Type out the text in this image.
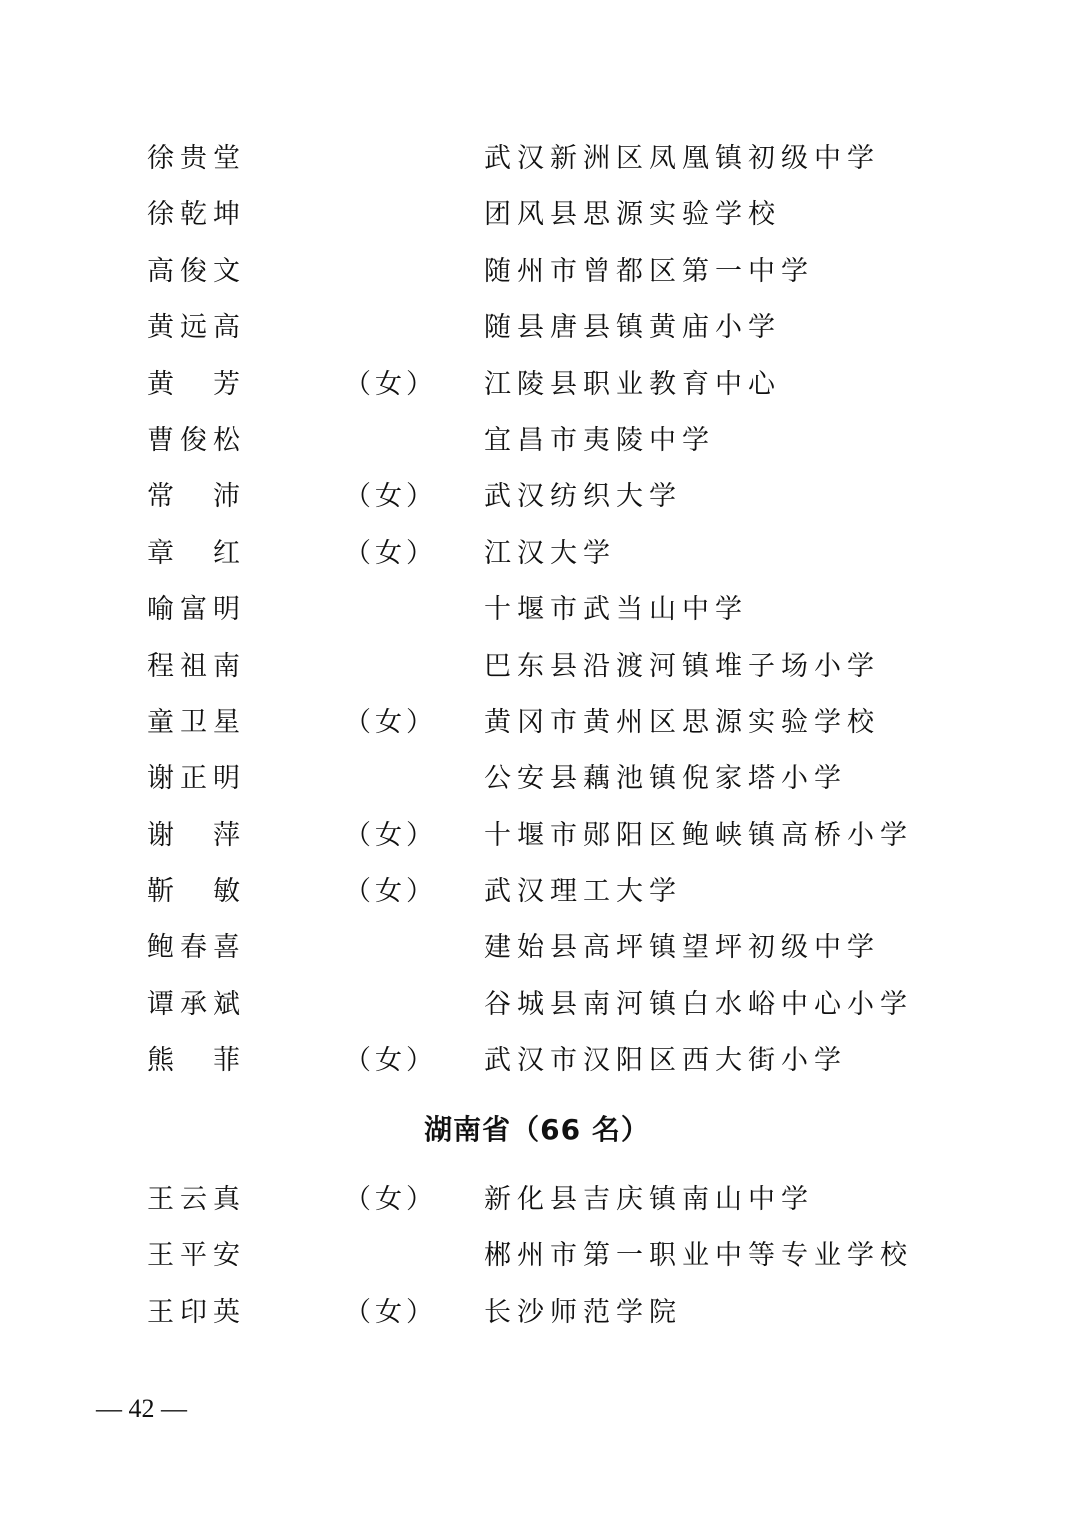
徐贵堂	武汉新洲区凤凰镇初级中学
徐乾坤	团风县思源实验学校
高俊文	随州市曾都区第一中学
黄远高	随县唐县镇黄庙小学
黄　芳	（女） 江陵县职业教育中心
曹俊松	宜昌市夷陵中学
常　沛	（女） 武汉纺织大学
章　红	（女） 江汉大学
喻富明	十堰市武当山中学
程祖南	巴东县沿渡河镇堆子场小学
童卫星	（女） 黄冈市黄州区思源实验学校
谢正明	公安县藕池镇倪家塔小学
谢　萍	（女） 十堰市郧阳区鲍峡镇高桥小学
靳　敏	（女） 武汉理工大学
鲍春喜	建始县高坪镇望坪初级中学
谭承斌	谷城县南河镇白水峪中心小学
熊　菲	（女） 武汉市汉阳区西大街小学
湖南省（66 名）
王云真	（女） 新化县吉庆镇南山中学
王平安	郴州市第一职业中等专业学校
王印英	（女） 长沙师范学院
— 42 —
